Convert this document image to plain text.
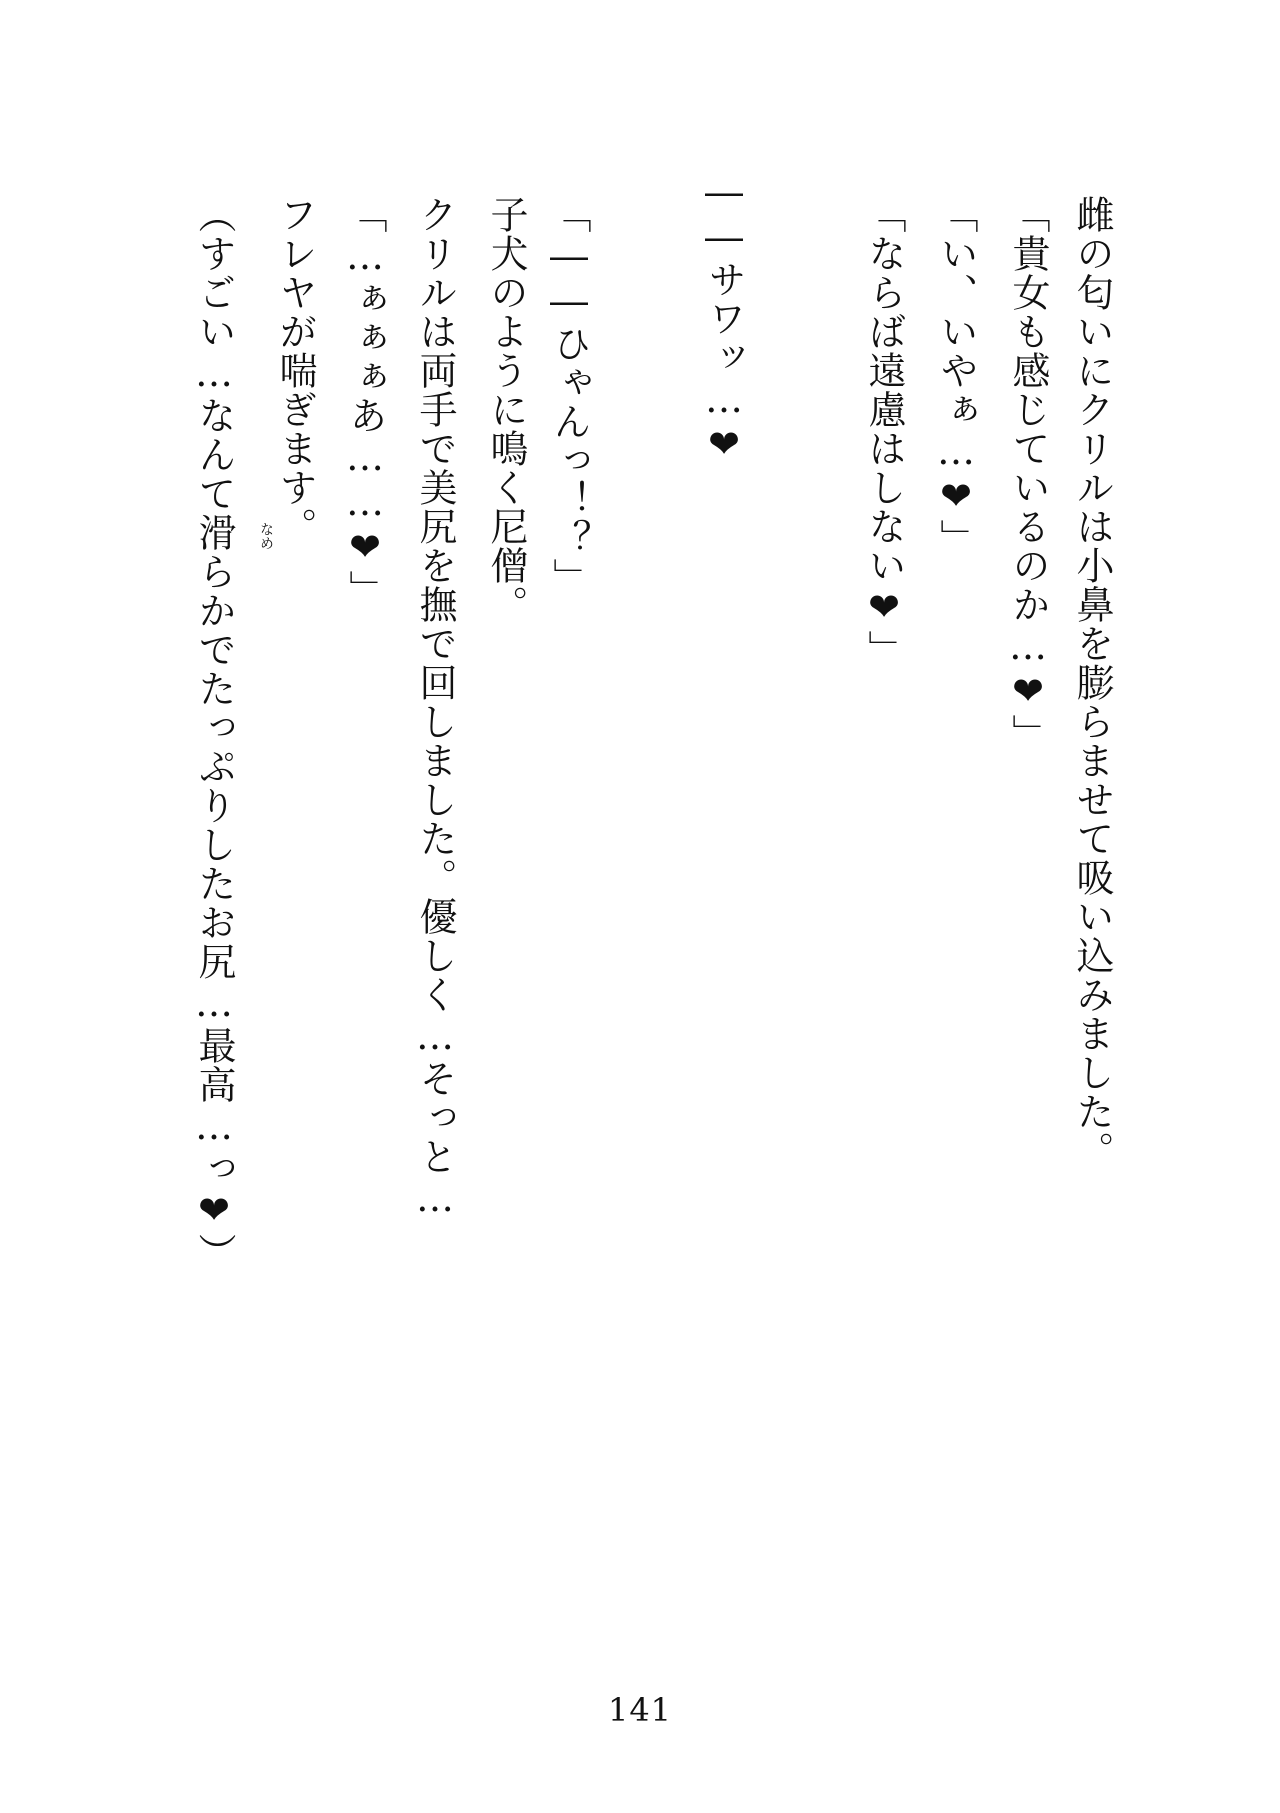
雌の匂いにクリルは小鼻を膨らませて吸い込みました。
「貴女も感じているのか…❤」
「い、いやぁ…❤」
「ならば遠慮はしない❤」
――サワッ…❤
「――ひゃんっ！？」
子犬のように鳴く尼僧。
クリルは両手で美尻を撫で回しました。優しく…そっと…
「…ぁぁぁあ……❤」
フレヤが喘ぎます。
（すごい…なんて滑らかでたっぷりしたお尻…最高…っ❤） なめ
141
